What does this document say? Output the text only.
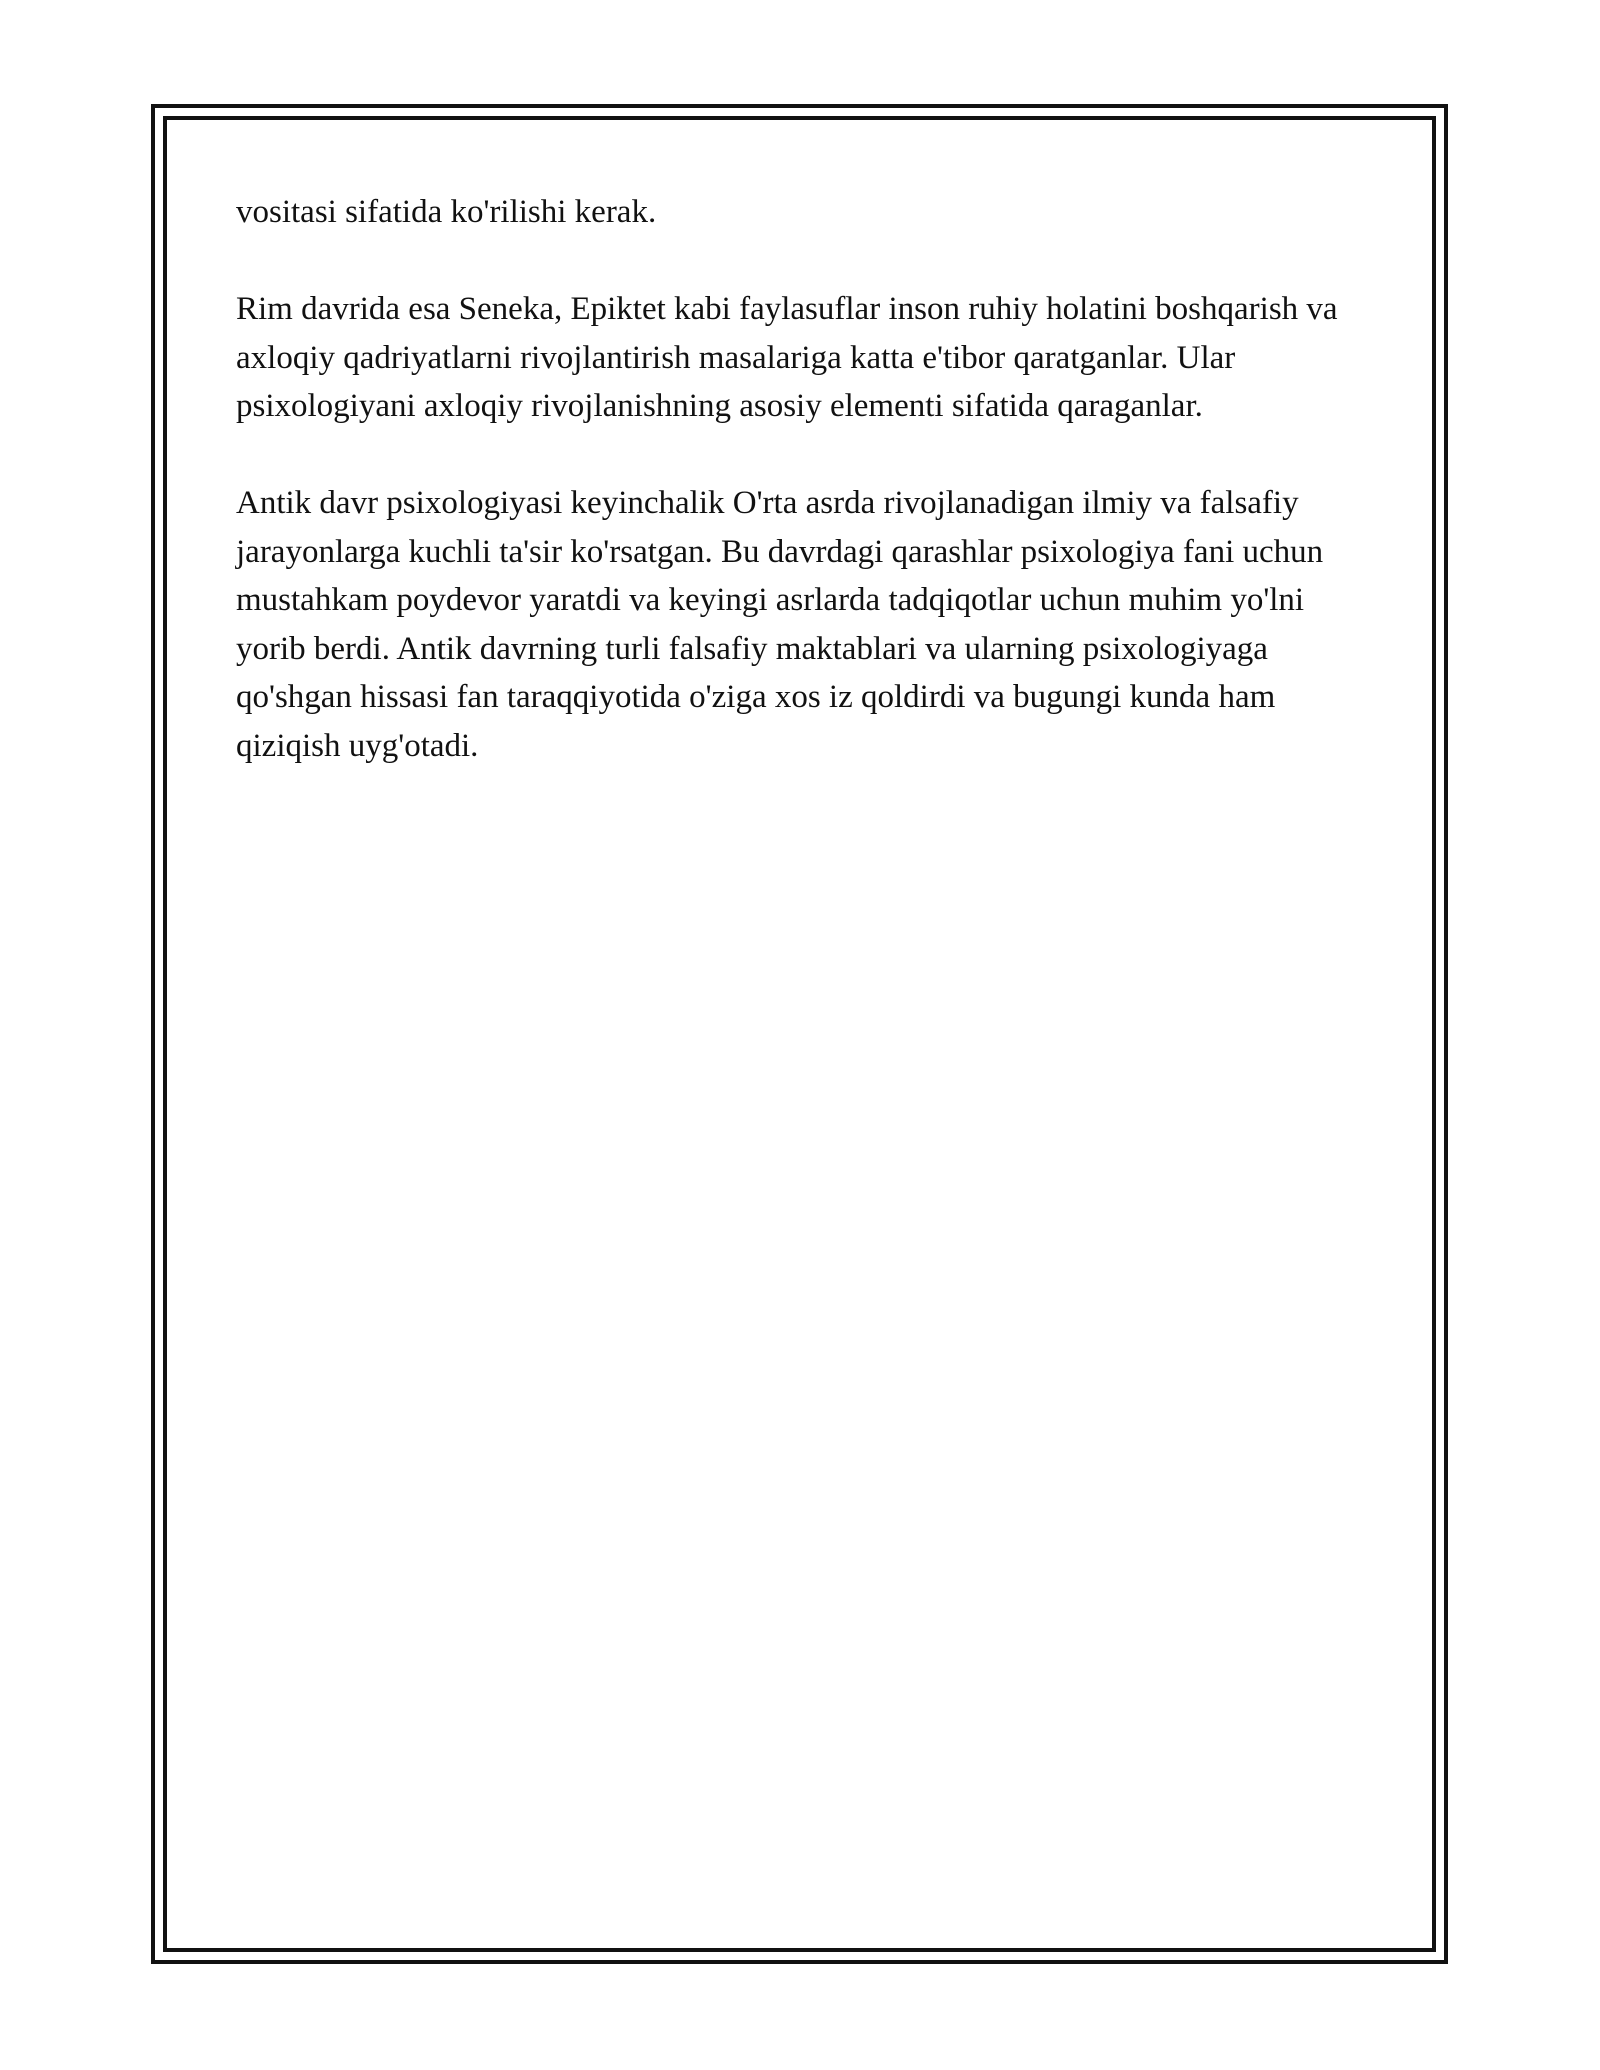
vositasi sifatida ko'rilishi kerak.

Rim davrida esa Seneka, Epiktet kabi faylasuflar inson ruhiy holatini boshqarish va axloqiy qadriyatlarni rivojlantirish masalariga katta e'tibor qaratganlar. Ular psixologiyani axloqiy rivojlanishning asosiy elementi sifatida qaraganlar.

Antik davr psixologiyasi keyinchalik O'rta asrda rivojlanadigan ilmiy va falsafiy jarayonlarga kuchli ta'sir ko'rsatgan. Bu davrdagi qarashlar psixologiya fani uchun mustahkam poydevor yaratdi va keyingi asrlarda tadqiqotlar uchun muhim yo'lni yorib berdi. Antik davrning turli falsafiy maktablari va ularning psixologiyaga qo'shgan hissasi fan taraqqiyotida o'ziga xos iz qoldirdi va bugungi kunda ham qiziqish uyg'otadi.
